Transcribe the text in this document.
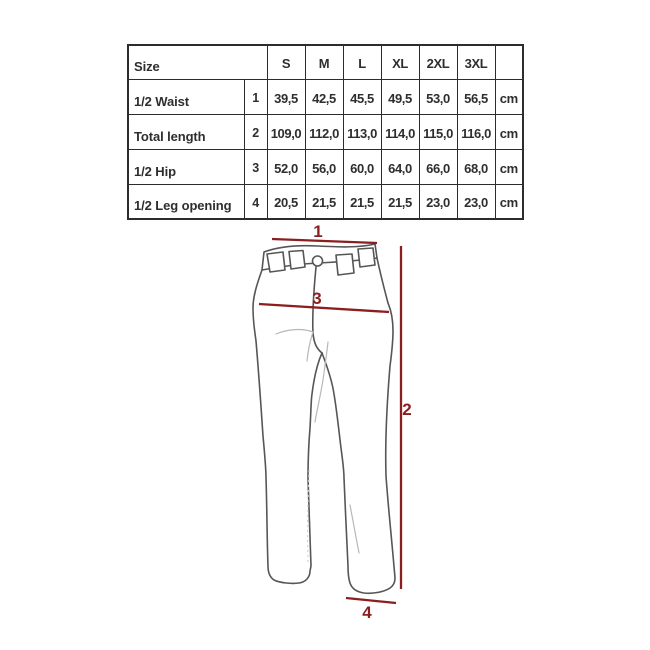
Size		S	M	L	XL	2XL	3XL	
1/2 Waist	1	39,5	42,5	45,5	49,5	53,0	56,5	cm
Total length	2	109,0	112,0	113,0	114,0	115,0	116,0	cm
1/2 Hip	3	52,0	56,0	60,0	64,0	66,0	68,0	cm
1/2 Leg opening	4	20,5	21,5	21,5	21,5	23,0	23,0	cm
1
2
3
4
